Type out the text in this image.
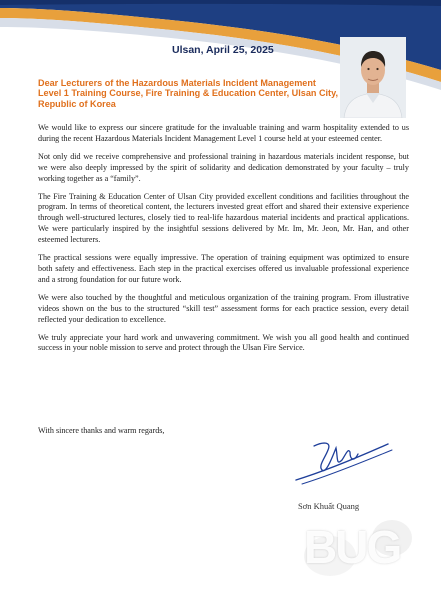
Ulsan, April 25, 2025
Dear Lecturers of the Hazardous Materials Incident Management Level 1 Training Course, Fire Training & Education Center, Ulsan City, Republic of Korea

We would like to express our sincere gratitude for the invaluable training and warm hospitality extended to us during the recent Hazardous Materials Incident Management Level 1 course held at your esteemed center.

Not only did we receive comprehensive and professional training in hazardous materials incident response, but we were also deeply impressed by the spirit of solidarity and dedication demonstrated by your faculty – truly working together as a “family”.

The Fire Training & Education Center of Ulsan City provided excellent conditions and facilities throughout the program. In terms of theoretical content, the lecturers invested great effort and shared their extensive experience through well-structured lectures, closely tied to real-life hazardous material incidents and practical applications. We were particularly inspired by the insightful sessions delivered by Mr. Im, Mr. Jeon, Mr. Han, and other esteemed lecturers.

The practical sessions were equally impressive. The operation of training equipment was optimized to ensure both safety and effectiveness. Each step in the practical exercises offered us invaluable professional experience and a strong foundation for our future work.

We were also touched by the thoughtful and meticulous organization of the training program. From illustrative videos shown on the bus to the structured “skill test” assessment forms for each practice session, every detail reflected your dedication to excellence.

We truly appreciate your hard work and unwavering commitment. We wish you all good health and continued success in your noble mission to serve and protect through the Ulsan Fire Service.

With sincere thanks and warm regards,
Sơn Khuất Quang
BUG
